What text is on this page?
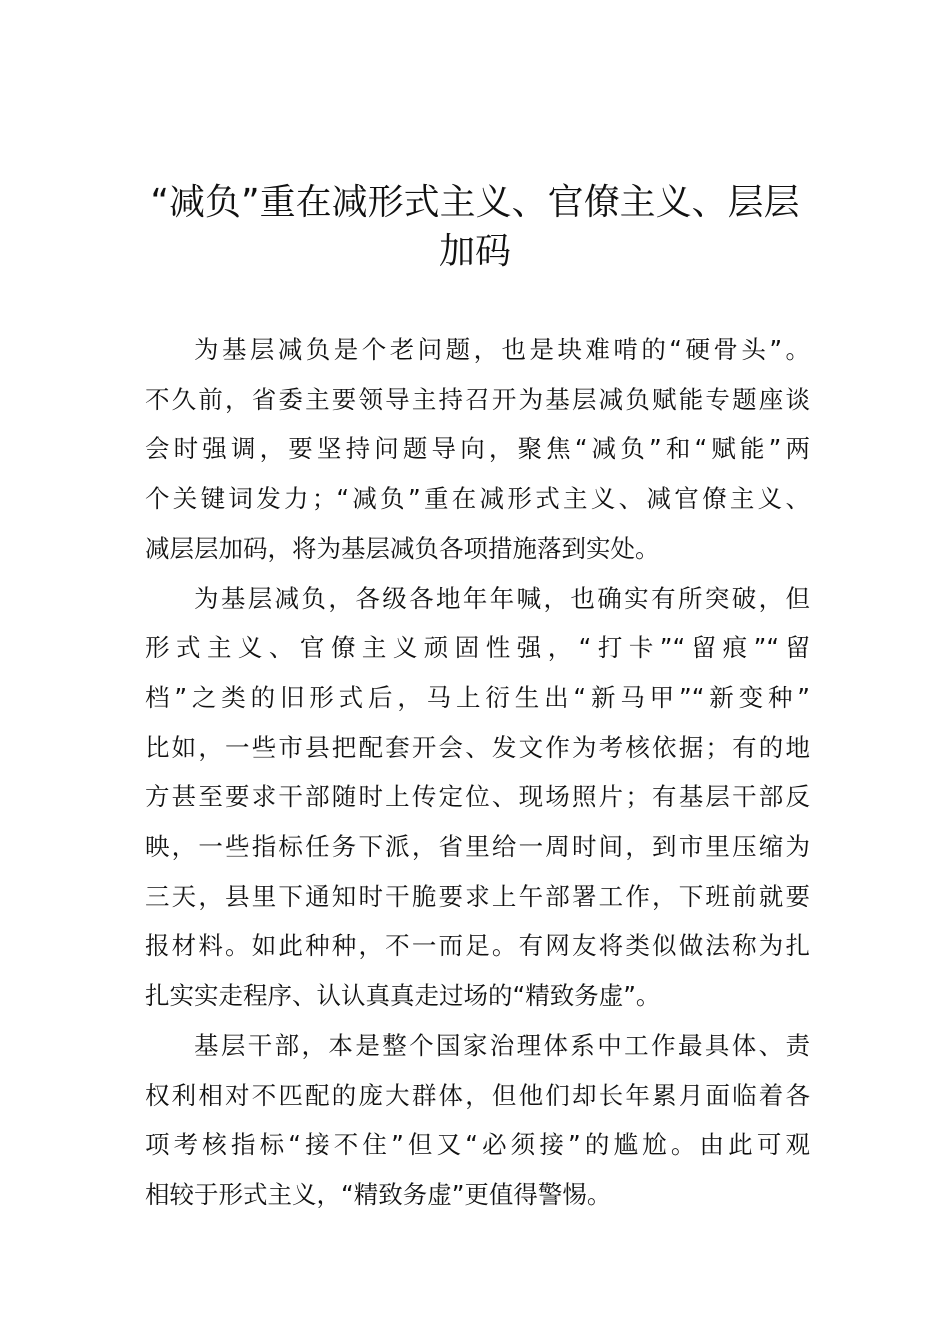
“减负”重在减形式主义、官僚主义、层层
加码

为基层减负是个老问题，也是块难啃的“硬骨头”。
不久前，省委主要领导主持召开为基层减负赋能专题座谈
会时强调，要坚持问题导向，聚焦“减负”和“赋能”两
个关键词发力；“减负”重在减形式主义、减官僚主义、
减层层加码，将为基层减负各项措施落到实处。

为基层减负，各级各地年年喊，也确实有所突破，但
形式主义、官僚主义顽固性强，“打卡”“留痕”“留
档”之类的旧形式后，马上衍生出“新马甲”“新变种”
比如，一些市县把配套开会、发文作为考核依据；有的地
方甚至要求干部随时上传定位、现场照片；有基层干部反
映，一些指标任务下派，省里给一周时间，到市里压缩为
三天，县里下通知时干脆要求上午部署工作，下班前就要
报材料。如此种种，不一而足。有网友将类似做法称为扎
扎实实走程序、认认真真走过场的“精致务虚”。

基层干部，本是整个国家治理体系中工作最具体、责
权利相对不匹配的庞大群体，但他们却长年累月面临着各
项考核指标“接不住”但又“必须接”的尴尬。由此可观
相较于形式主义，“精致务虚”更值得警惕。
